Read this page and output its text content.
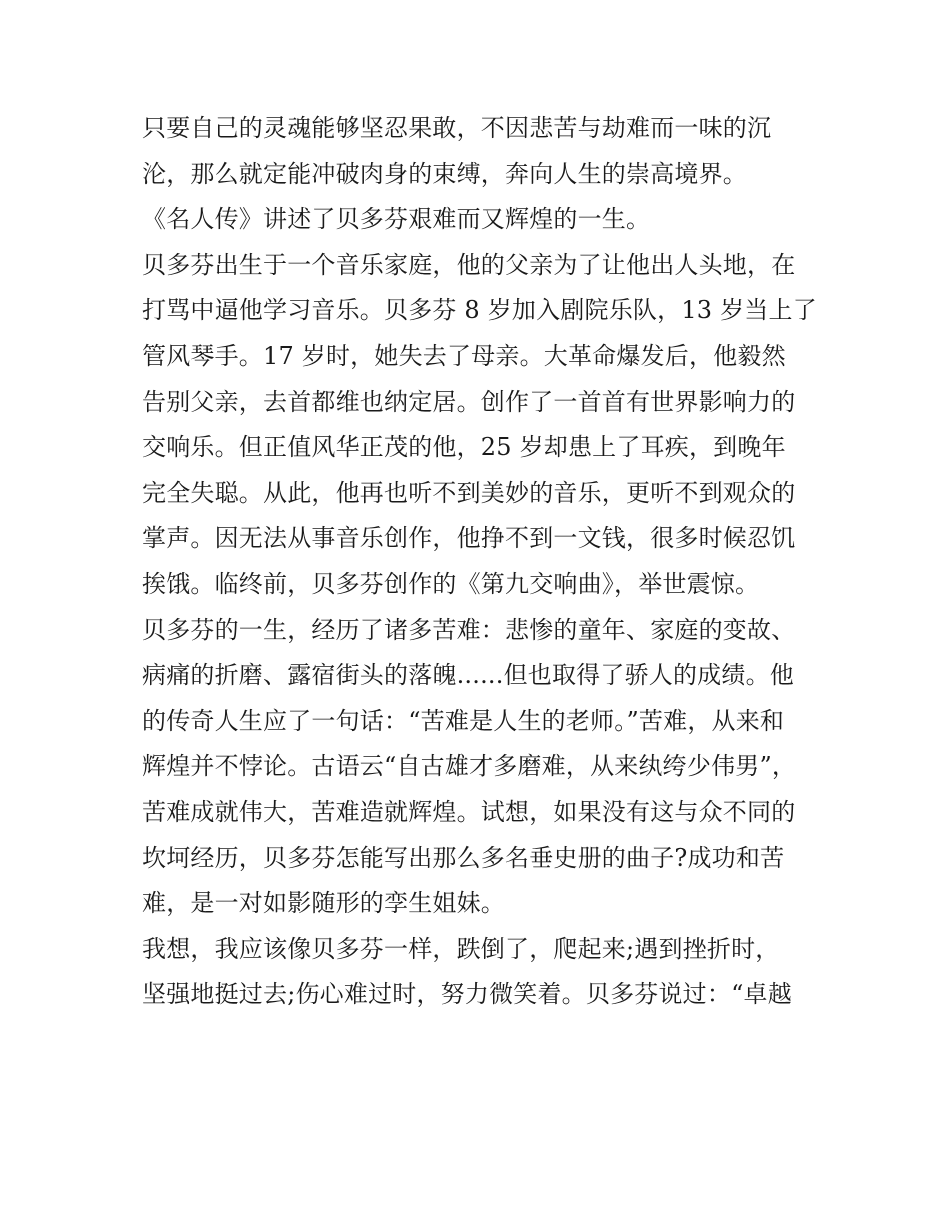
只要自己的灵魂能够坚忍果敢，不因悲苦与劫难而一味的沉
沦，那么就定能冲破肉身的束缚，奔向人生的崇高境界。
《名人传》讲述了贝多芬艰难而又辉煌的一生。
贝多芬出生于一个音乐家庭，他的父亲为了让他出人头地，在
打骂中逼他学习音乐。贝多芬 8 岁加入剧院乐队，13 岁当上了
管风琴手。17 岁时，她失去了母亲。大革命爆发后，他毅然
告别父亲，去首都维也纳定居。创作了一首首有世界影响力的
交响乐。但正值风华正茂的他，25 岁却患上了耳疾，到晚年
完全失聪。从此，他再也听不到美妙的音乐，更听不到观众的
掌声。因无法从事音乐创作，他挣不到一文钱，很多时候忍饥
挨饿。临终前，贝多芬创作的《第九交响曲》，举世震惊。
贝多芬的一生，经历了诸多苦难：悲惨的童年、家庭的变故、
病痛的折磨、露宿街头的落魄......但也取得了骄人的成绩。他
的传奇人生应了一句话：“苦难是人生的老师。”苦难，从来和
辉煌并不悖论。古语云“自古雄才多磨难，从来纨绔少伟男”，
苦难成就伟大，苦难造就辉煌。试想，如果没有这与众不同的
坎坷经历，贝多芬怎能写出那么多名垂史册的曲子?成功和苦
难，是一对如影随形的孪生姐妹。
我想，我应该像贝多芬一样，跌倒了，爬起来;遇到挫折时，
坚强地挺过去;伤心难过时，努力微笑着。贝多芬说过：“卓越
